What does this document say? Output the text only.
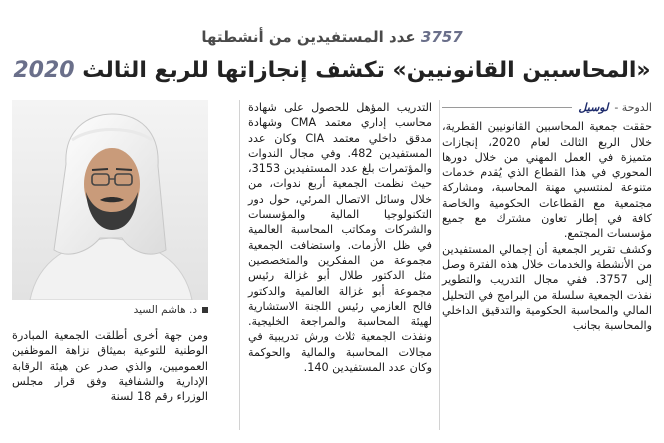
3757 عدد المستفيدين من أنشطتها
«المحاسبين القانونيين» تكشف إنجازاتها للربع الثالث 2020
الدوحة -
لوسيل

حققت جمعية المحاسبين القانونيين القطرية، خلال الربع الثالث لعام 2020، إنجازات متميزة في العمل المهني من خلال دورها المحوري في هذا القطاع الذي يُقدم خدمات متنوعة لمنتسبي مهنة المحاسبة، ومشاركة مجتمعية مع القطاعات الحكومية والخاصة كافة في إطار تعاون مشترك مع جميع مؤسسات المجتمع.

وكشف تقرير الجمعية أن إجمالي المستفيدين من الأنشطة والخدمات خلال هذه الفترة وصل إلى 3757. ففي مجال التدريب والتطوير نفذت الجمعية سلسلة من البرامج في التحليل المالي والمحاسبة الحكومية والتدقيق الداخلي والمحاسبة بجانب

التدريب المؤهل للحصول على شهادة محاسب إداري معتمد CMA وشهادة مدقق داخلي معتمد CIA وكان عدد المستفيدين 482. وفي مجال الندوات والمؤتمرات بلغ عدد المستفيدين 3153، حيث نظمت الجمعية أربع ندوات، من خلال وسائل الاتصال المرئي، حول دور التكنولوجيا المالية والمؤسسات والشركات ومكاتب المحاسبة العالمية في ظل الأزمات. واستضافت الجمعية مجموعة من المفكرين والمتخصصين مثل الدكتور طلال أبو غزالة رئيس مجموعة أبو غزالة العالمية والدكتور فالح العازمي رئيس اللجنة الاستشارية لهيئة المحاسبة والمراجعة الخليجية. ونفذت الجمعية ثلاث ورش تدريبية في مجالات المحاسبة والمالية والحوكمة وكان عدد المستفيدين 140.

د. هاشم السيد

ومن جهة أخرى أطلقت الجمعية المبادرة الوطنية للتوعية بميثاق نزاهة الموظفين العموميين، والذي صدر عن هيئة الرقابة الإدارية والشفافية وفق قرار مجلس الوزراء رقم 18 لسنة
